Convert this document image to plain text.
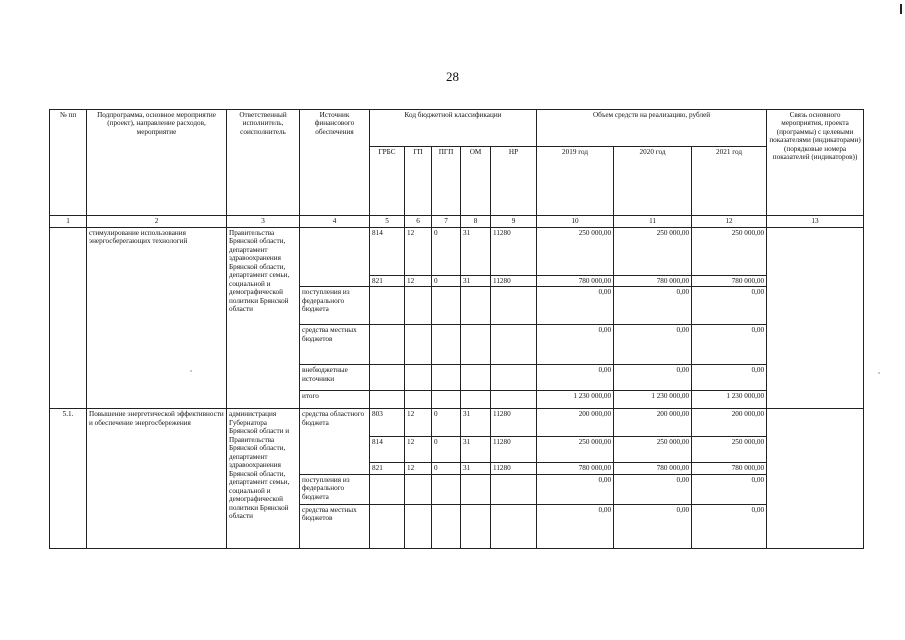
28
№ пп	Подпрограмма, основное мероприятие (проект), направление расходов, мероприятие	Ответственный исполнитель, соисполнитель	Источник финансового обеспечения	Код бюджетной классификации					Объем средств на реализацию, рублей			Связь основного мероприятия, проекта (программы) с целевыми показателями (индикаторами) (порядковые номера показателей (индикаторов))
				ГРБС	ГП	ПГП	ОМ	НР	2019 год	2020 год	2021 год	
1	2	3	4	5	6	7	8	9	10	11	12	13
	стимулирование использования энергосберегающих технологий	Правительства Брянской области, департамент здравоохранения Брянской области, департамент семьи, социальной и демографической политики Брянской области		814	12	0	31	11280	250 000,00	250 000,00	250 000,00	
				821	12	0	31	11280	780 000,00	780 000,00	780 000,00	
			поступления из федерального бюджета						0,00	0,00	0,00	
			средства местных бюджетов						0,00	0,00	0,00	
			внебюджетные источники						0,00	0,00	0,00	
			итого						1 230 000,00	1 230 000,00	1 230 000,00	
5.1.	Повышение энергетической эффективности и обеспечение энергосбережения	администрация Губернатора Брянской области и Правительства Брянской области, департамент здравоохранения Брянской области, департамент семьи, социальной и демографической политики Брянской области	средства областного бюджета	803	12	0	31	11280	200 000,00	200 000,00	200 000,00	
				814	12	0	31	11280	250 000,00	250 000,00	250 000,00	
				821	12	0	31	11280	780 000,00	780 000,00	780 000,00	
			поступления из федерального бюджета						0,00	0,00	0,00	
			средства местных бюджетов						0,00	0,00	0,00	
